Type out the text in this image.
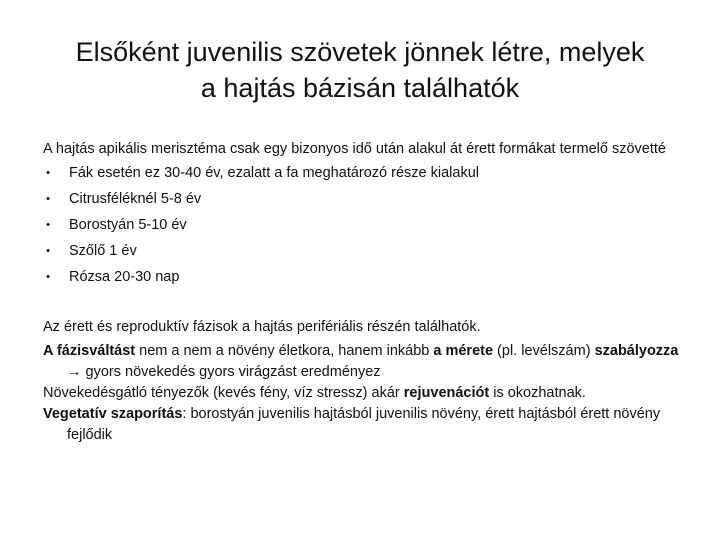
Elsőként juvenilis szövetek jönnek létre, melyek
a hajtás bázisán találhatók

A hajtás apikális merisztéma csak egy bizonyos idő után alakul át érett formákat termelő szövetté

• Fák esetén ez 30-40 év, ezalatt a fa meghatározó része kialakul
• Citrusféléknél 5-8 év
• Borostyán 5-10 év
• Szőlő 1 év
• Rózsa 20-30 nap

Az érett és reproduktív fázisok a hajtás perifériális részén találhatók.

A fázisváltást nem a nem a növény életkora, hanem inkább a mérete (pl. levélszám) szabályozza → gyors növekedés gyors virágzást eredményez

Növekedésgátló tényezők (kevés fény, víz stressz) akár rejuvenációt is okozhatnak.

Vegetatív szaporítás: borostyán juvenilis hajtásból juvenilis növény, érett hajtásból érett növény fejlődik
